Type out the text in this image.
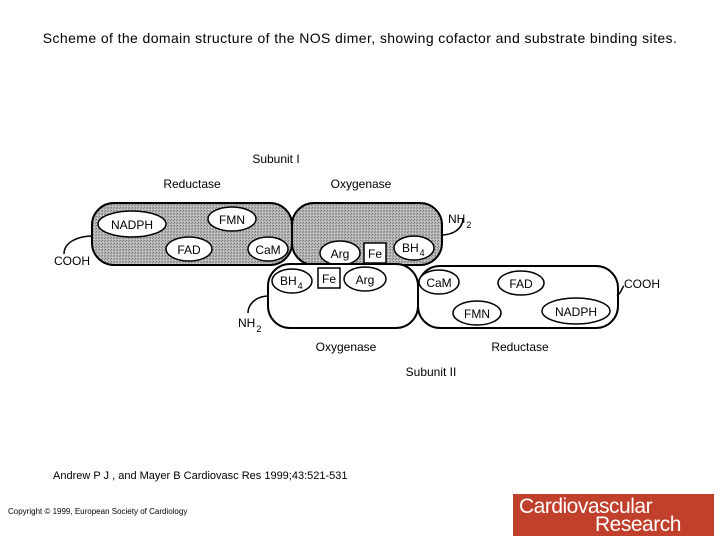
Scheme of the domain structure of the NOS dimer, showing cofactor and substrate binding sites.
Subunit I
Reductase	Oxygenase
COOH
$NH_2$
NADPH	FMN
FAD	CaM	Arg Fe $BH_4$
$NH_2$
COOH
$BH_4$ Fe Arg	CaM	FAD
FMN	NADPH
Oxygenase	Reductase
Subunit II
Andrew P J , and Mayer B Cardiovasc Res 1999;43:521-531
Copyright © 1999, European Society of Cardiology	Cardiovascular
Research
